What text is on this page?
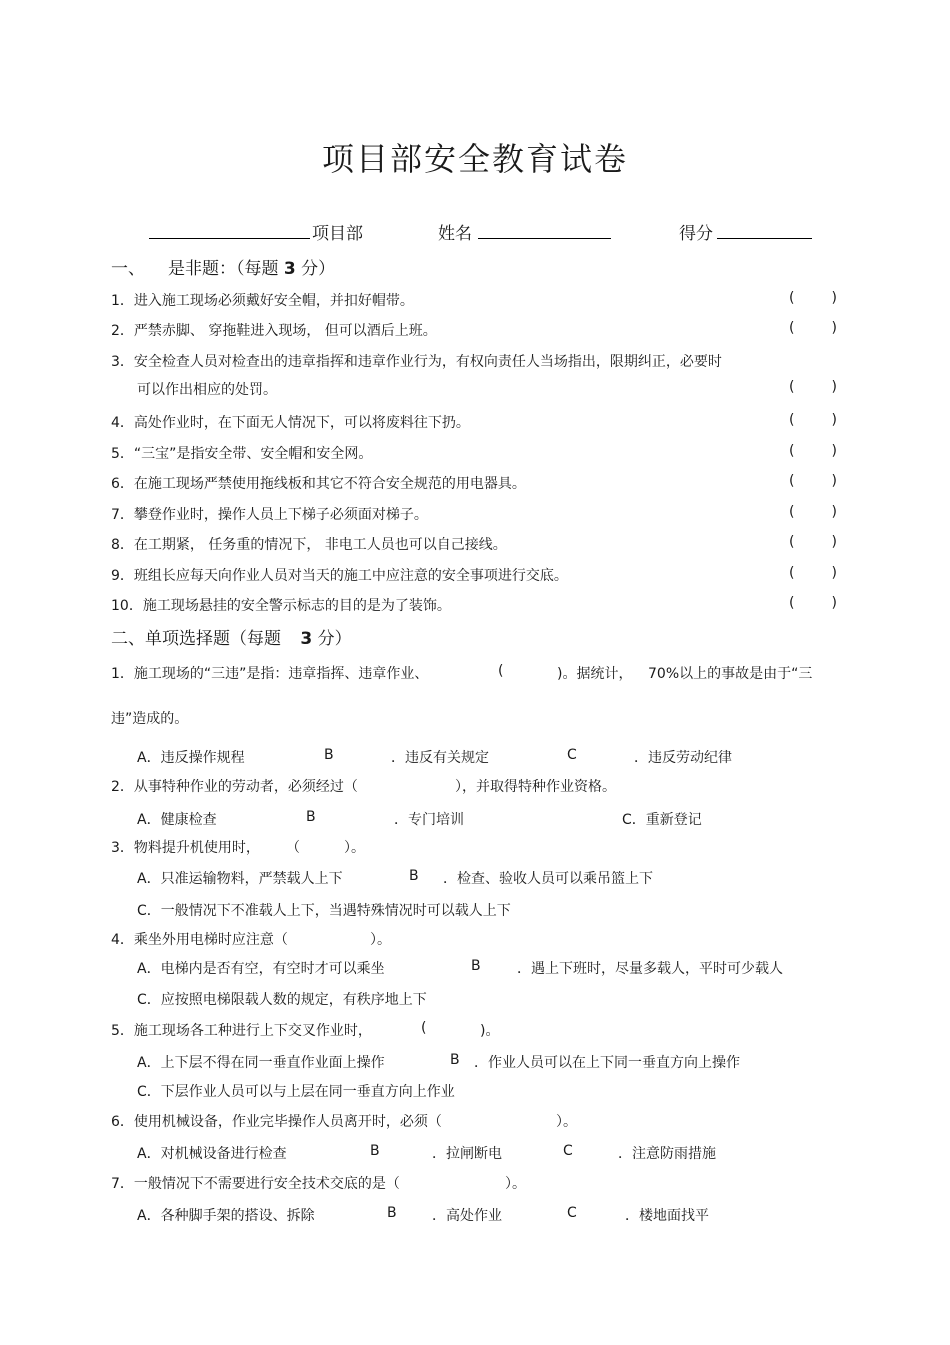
项目部安全教育试卷
项目部	姓名	得分
一、 是非题：（每题 3 分）
1．进入施工现场必须戴好安全帽，并扣好帽带。	(	)
2．严禁赤脚、 穿拖鞋进入现场， 但可以酒后上班。	(	)
3．安全检查人员对检查出的违章指挥和违章作业行为，有权向责任人当场指出，限期纠正，必要时
可以作出相应的处罚。	(	)
4．高处作业时，在下面无人情况下，可以将废料往下扔。	(	)
5．“三宝”是指安全带、安全帽和安全网。	(	)
6．在施工现场严禁使用拖线板和其它不符合安全规范的用电器具。	(	)
7．攀登作业时，操作人员上下梯子必须面对梯子。	(	)
8．在工期紧， 任务重的情况下， 非电工人员也可以自己接线。	(	)
9．班组长应每天向作业人员对当天的施工中应注意的安全事项进行交底。	(	)
10．施工现场悬挂的安全警示标志的目的是为了装饰。	(	)
二、单项选择题（每题 3 分）
1．施工现场的“三违”是指：违章指挥、违章作业、	(	)。据统计， 70%以上的事故是由于“三
违”造成的。
A．违反操作规程	B	．违反有关规定	C	．违反劳动纪律
2．从事特种作业的劳动者，必须经过（	），并取得特种作业资格。
A．健康检查	B	．专门培训	C．重新登记
3．物料提升机使用时， （	）。
A．只准运输物料，严禁载人上下	B ．检查、验收人员可以乘吊篮上下
C．一般情况下不准载人上下，当遇特殊情况时可以载人上下
4．乘坐外用电梯时应注意（	）。
A．电梯内是否有空，有空时才可以乘坐	B	．遇上下班时，尽量多载人，平时可少载人
C．应按照电梯限载人数的规定，有秩序地上下
5．施工现场各工种进行上下交叉作业时，	(	)。
A．上下层不得在同一垂直作业面上操作	B ．作业人员可以在上下同一垂直方向上操作
C．下层作业人员可以与上层在同一垂直方向上作业
6．使用机械设备，作业完毕操作人员离开时，必须（	）。
A．对机械设备进行检查	B	．拉闸断电	C	．注意防雨措施
7．一般情况下不需要进行安全技术交底的是（	）。
A．各种脚手架的搭设、拆除	B	．高处作业	C	．楼地面找平
